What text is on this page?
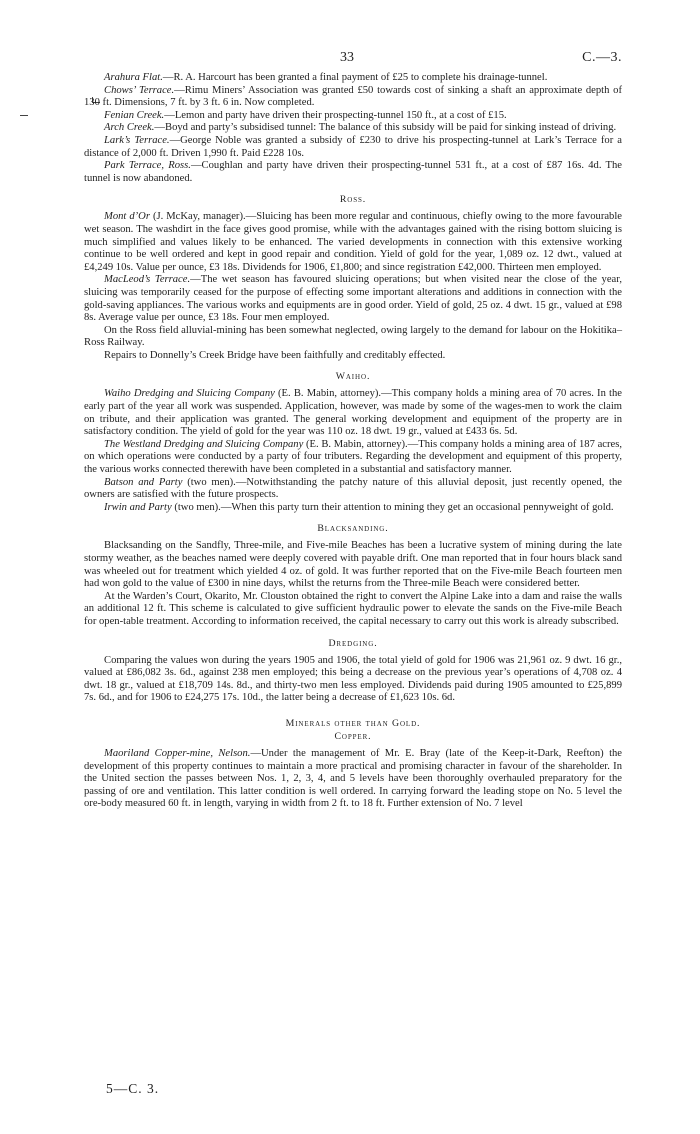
33	C.—3.

Arahura Flat.—R. A. Harcourt has been granted a final payment of £25 to complete his drainage-tunnel.

Chows’ Terrace.—Rimu Miners’ Association was granted £50 towards cost of sinking a shaft an approximate depth of 130 ft. Dimensions, 7 ft. by 3 ft. 6 in. Now completed.

Fenian Creek.—Lemon and party have driven their prospecting-tunnel 150 ft., at a cost of £15.

Arch Creek.—Boyd and party’s subsidised tunnel: The balance of this subsidy will be paid for sinking instead of driving.

Lark’s Terrace.—George Noble was granted a subsidy of £230 to drive his prospecting-tunnel at Lark’s Terrace for a distance of 2,000 ft. Driven 1,990 ft. Paid £228 10s.

Park Terrace, Ross.—Coughlan and party have driven their prospecting-tunnel 531 ft., at a cost of £87 16s. 4d. The tunnel is now abandoned.

Ross.

Mont d’Or (J. McKay, manager).—Sluicing has been more regular and continuous, chiefly owing to the more favourable wet season. The washdirt in the face gives good promise, while with the advantages gained with the rising bottom sluicing is much simplified and values likely to be enhanced. The varied developments in connection with this extensive working continue to be well ordered and kept in good repair and condition. Yield of gold for the year, 1,089 oz. 12 dwt., valued at £4,249 10s. Value per ounce, £3 18s. Dividends for 1906, £1,800; and since registration £42,000. Thirteen men employed.

MacLeod’s Terrace.—The wet season has favoured sluicing operations; but when visited near the close of the year, sluicing was temporarily ceased for the purpose of effecting some important alterations and additions in connection with the gold-saving appliances. The various works and equipments are in good order. Yield of gold, 25 oz. 4 dwt. 15 gr., valued at £98 8s. Average value per ounce, £3 18s. Four men employed.

On the Ross field alluvial-mining has been somewhat neglected, owing largely to the demand for labour on the Hokitika–Ross Railway.

Repairs to Donnelly’s Creek Bridge have been faithfully and creditably effected.

Waiho.

Waiho Dredging and Sluicing Company (E. B. Mabin, attorney).—This company holds a mining area of 70 acres. In the early part of the year all work was suspended. Application, however, was made by some of the wages-men to work the claim on tribute, and their application was granted. The general working development and equipment of the property are in satisfactory condition. The yield of gold for the year was 110 oz. 18 dwt. 19 gr., valued at £433 6s. 5d.

The Westland Dredging and Sluicing Company (E. B. Mabin, attorney).—This company holds a mining area of 187 acres, on which operations were conducted by a party of four tributers. Regarding the development and equipment of this property, the various works connected therewith have been completed in a substantial and satisfactory manner.

Batson and Party (two men).—Notwithstanding the patchy nature of this alluvial deposit, just recently opened, the owners are satisfied with the future prospects.

Irwin and Party (two men).—When this party turn their attention to mining they get an occasional pennyweight of gold.

Blacksanding.

Blacksanding on the Sandfly, Three-mile, and Five-mile Beaches has been a lucrative system of mining during the late stormy weather, as the beaches named were deeply covered with payable drift. One man reported that in four hours black sand was wheeled out for treatment which yielded 4 oz. of gold. It was further reported that on the Five-mile Beach fourteen men had won gold to the value of £300 in nine days, whilst the returns from the Three-mile Beach were considered better.

At the Warden’s Court, Okarito, Mr. Clouston obtained the right to convert the Alpine Lake into a dam and raise the walls an additional 12 ft. This scheme is calculated to give sufficient hydraulic power to elevate the sands on the Five-mile Beach for open-table treatment. According to information received, the capital necessary to carry out this work is already subscribed.

Dredging.

Comparing the values won during the years 1905 and 1906, the total yield of gold for 1906 was 21,961 oz. 9 dwt. 16 gr., valued at £86,082 3s. 6d., against 238 men employed; this being a decrease on the previous year’s operations of 4,708 oz. 4 dwt. 18 gr., valued at £18,709 14s. 8d., and thirty-two men less employed. Dividends paid during 1905 amounted to £25,899 7s. 6d., and for 1906 to £24,275 17s. 10d., the latter being a decrease of £1,623 10s. 6d.

Minerals other than Gold.
Copper.

Maoriland Copper-mine, Nelson.—Under the management of Mr. E. Bray (late of the Keep-it-Dark, Reefton) the development of this property continues to maintain a more practical and promising character in favour of the shareholder. In the United section the passes between Nos. 1, 2, 3, 4, and 5 levels have been thoroughly overhauled preparatory for the passing of ore and ventilation. This latter condition is well ordered. In carrying forward the leading stope on No. 5 level the ore-body measured 60 ft. in length, varying in width from 2 ft. to 18 ft. Further extension of No. 7 level

5—C. 3.
